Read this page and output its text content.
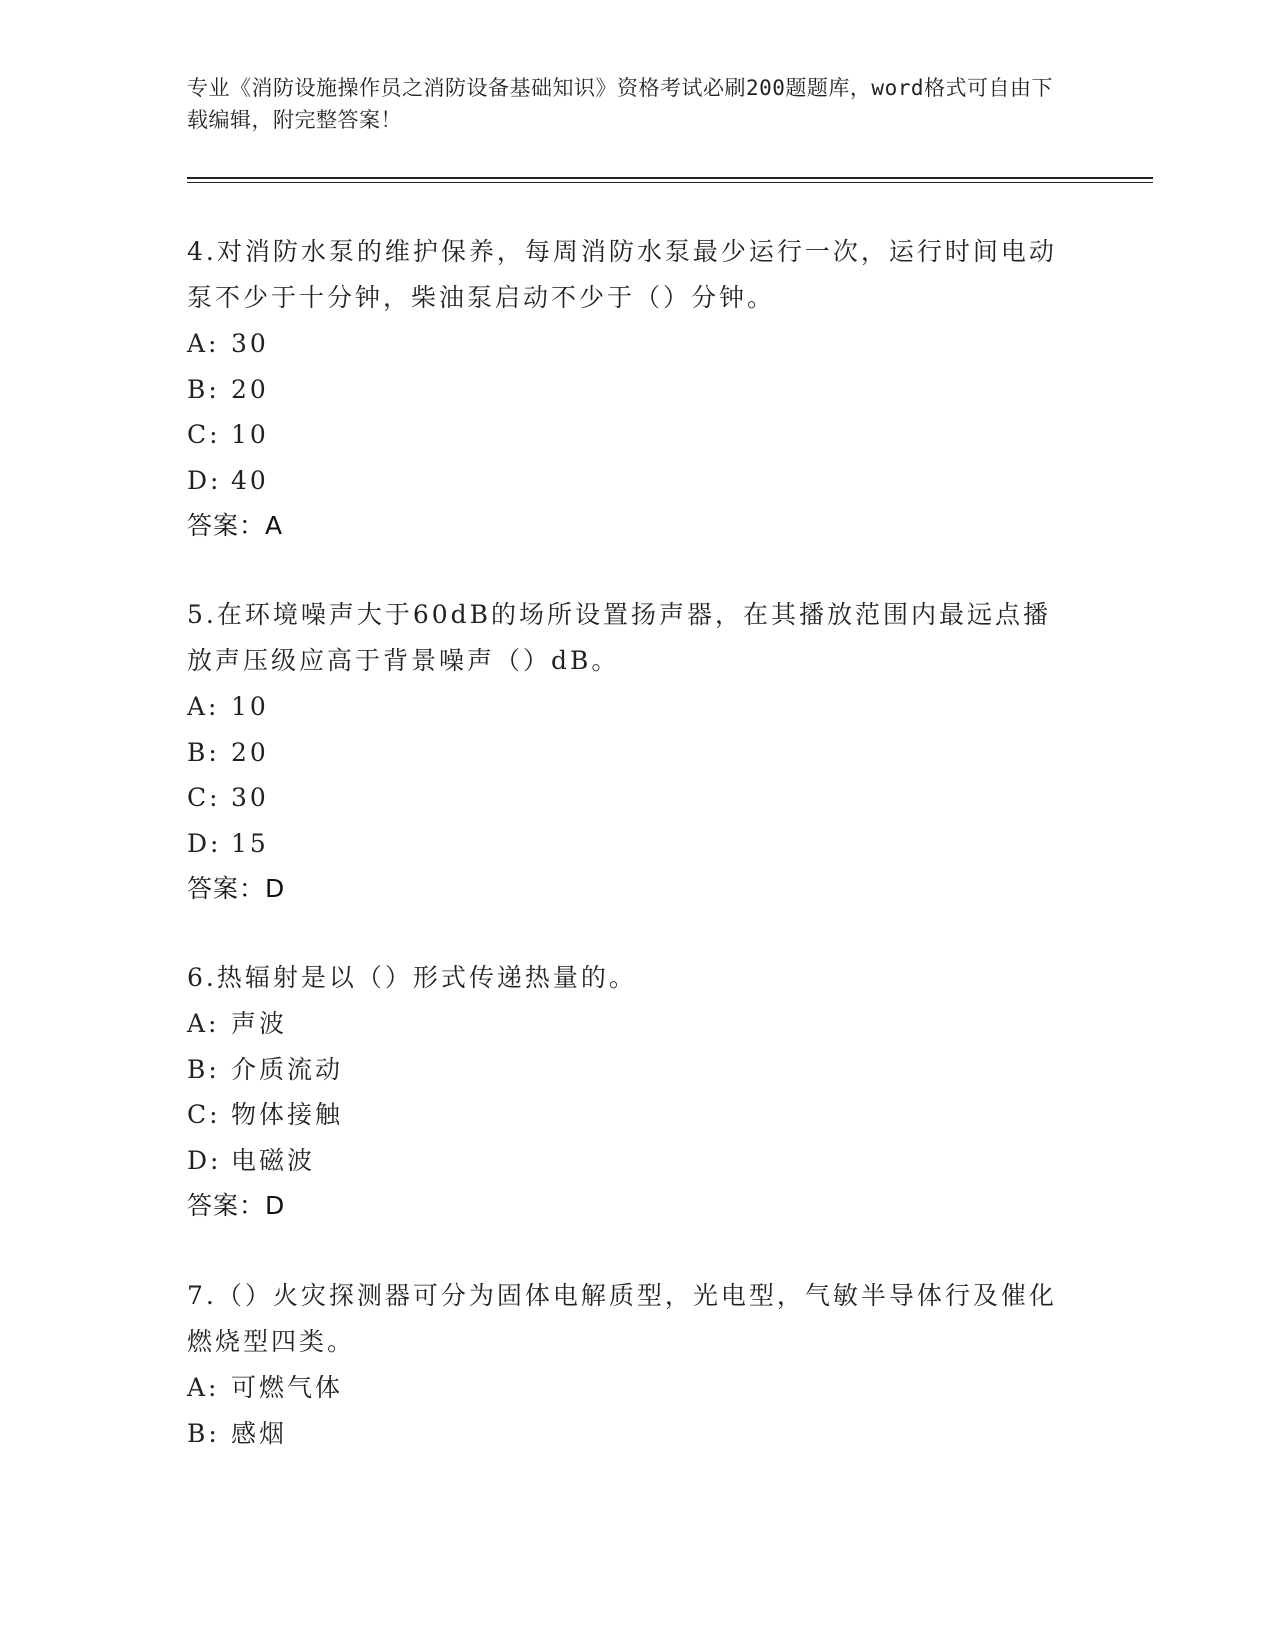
专业《消防设施操作员之消防设备基础知识》资格考试必刷200题题库，word格式可自由下载编辑，附完整答案！

4.对消防水泵的维护保养，每周消防水泵最少运行一次，运行时间电动泵不少于十分钟，柴油泵启动不少于（）分钟。

A: 30

B: 20

C: 10

D: 40

答案：A

5.在环境噪声大于60dB的场所设置扬声器，在其播放范围内最远点播放声压级应高于背景噪声（）dB。

A: 10

B: 20

C: 30

D: 15

答案：D

6.热辐射是以（）形式传递热量的。

A: 声波

B: 介质流动

C: 物体接触

D: 电磁波

答案：D

7.（）火灾探测器可分为固体电解质型，光电型，气敏半导体行及催化燃烧型四类。

A: 可燃气体

B: 感烟
